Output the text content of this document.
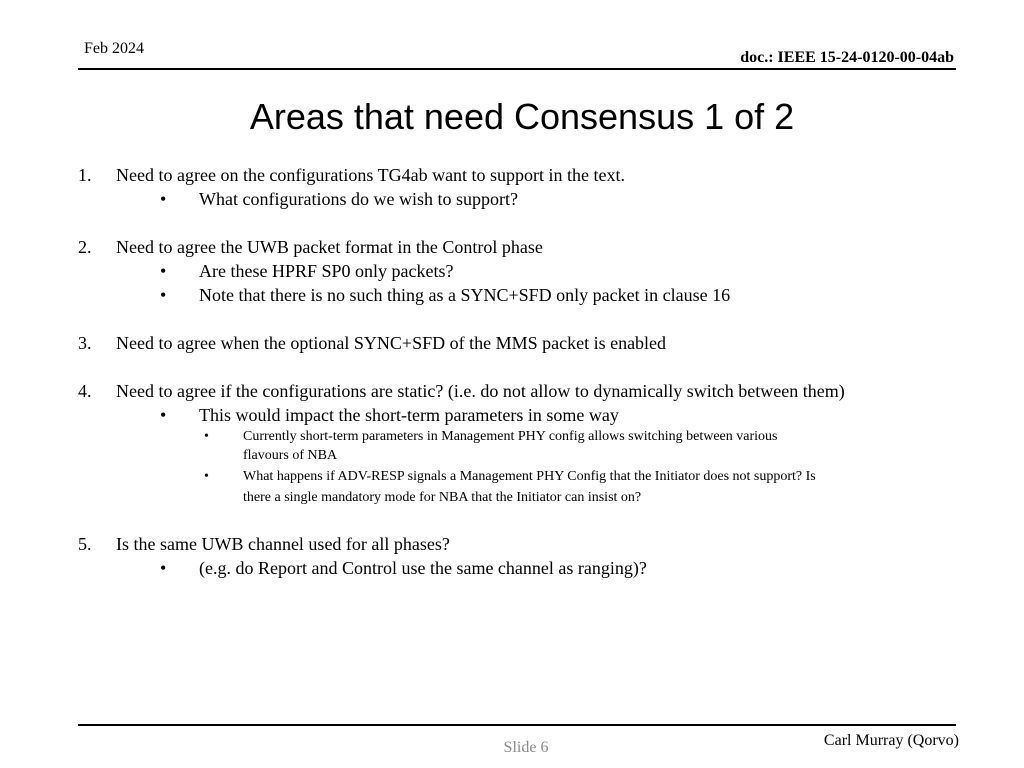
Feb 2024
doc.: IEEE 15-24-0120-00-04ab
Areas that need Consensus 1 of 2
1. Need to agree on the configurations TG4ab want to support in the text.
• What configurations do we wish to support?
2. Need to agree the UWB packet format in the Control phase
• Are these HPRF SP0 only packets?
• Note that there is no such thing as a SYNC+SFD only packet in clause 16
3. Need to agree when the optional SYNC+SFD of the MMS packet is enabled
4. Need to agree if the configurations are static? (i.e. do not allow to dynamically switch between them)
• This would impact the short-term parameters in some way
• Currently short-term parameters in Management PHY config allows switching between various
flavours of NBA
• What happens if ADV-RESP signals a Management PHY Config that the Initiator does not support? Is
there a single mandatory mode for NBA that the Initiator can insist on?
5. Is the same UWB channel used for all phases?
• (e.g. do Report and Control use the same channel as ranging)?
Slide 6	Carl Murray (Qorvo)
